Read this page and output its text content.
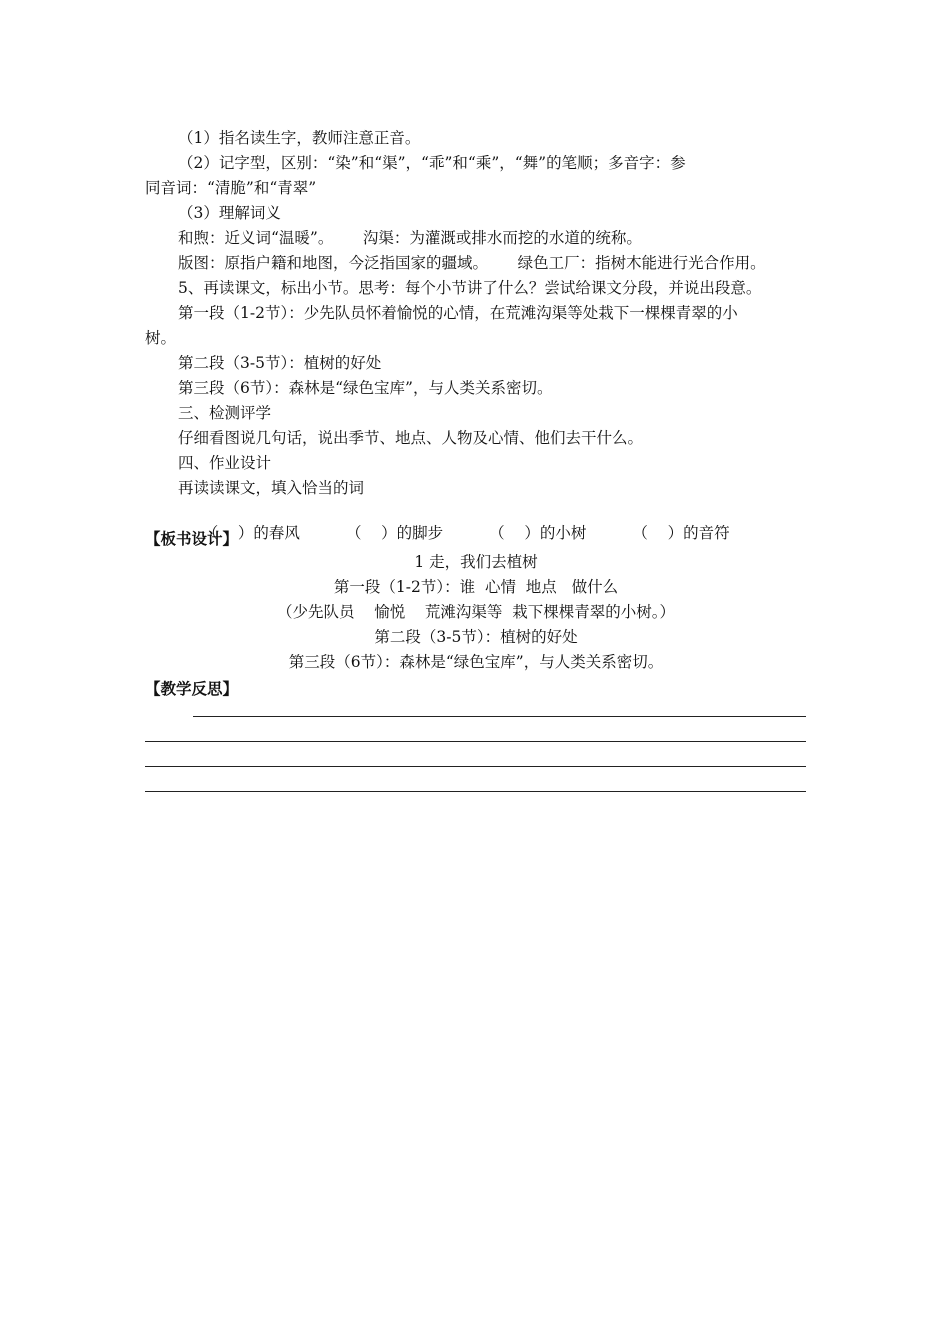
（1）指名读生字，教师注意正音。
（2）记字型，区别：“染”和“渠”，“乖”和“乘”，“舞”的笔顺；多音字：参
同音词：“清脆”和“青翠”
（3）理解词义
和煦：近义词“温暖”。      沟渠：为灌溉或排水而挖的水道的统称。
版图：原指户籍和地图，今泛指国家的疆域。      绿色工厂：指树木能进行光合作用。
5、再读课文，标出小节。思考：每个小节讲了什么？尝试给课文分段，并说出段意。
第一段（1-2节）：少先队员怀着愉悦的心情，在荒滩沟渠等处栽下一棵棵青翠的小
树。
第二段（3-5节）：植树的好处
第三段（6节）：森林是“绿色宝库”，与人类关系密切。
三、检测评学
仔细看图说几句话，说出季节、地点、人物及心情、他们去干什么。
四、作业设计
再读读课文，填入恰当的词

（    ）的春风	（    ）的脚步	（    ）的小树	（    ）的音符

【板书设计】
1 走，我们去植树
第一段（1-2节）：谁  心情  地点   做什么
（少先队员    愉悦    荒滩沟渠等  栽下棵棵青翠的小树。）
第二段（3-5节）：植树的好处
第三段（6节）：森林是“绿色宝库”，与人类关系密切。
【教学反思】
